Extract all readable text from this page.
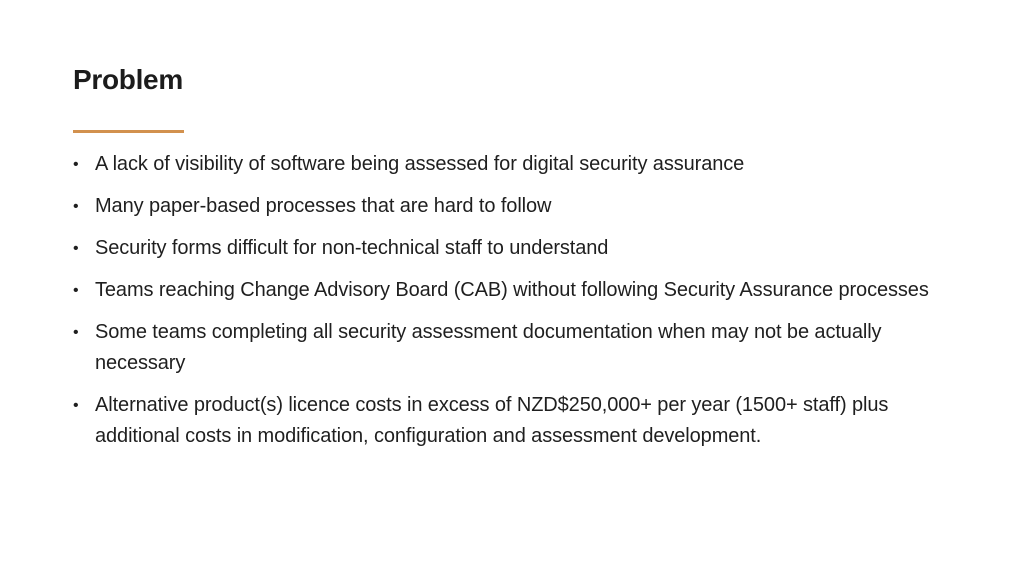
Problem
• A lack of visibility of software being assessed for digital security assurance
• Many paper-based processes that are hard to follow
• Security forms difficult for non-technical staff to understand
• Teams reaching Change Advisory Board (CAB) without following Security Assurance processes
• Some teams completing all security assessment documentation when may not be actually necessary
• Alternative product(s) licence costs in excess of NZD$250,000+ per year (1500+ staff) plus additional costs in modification, configuration and assessment development.
